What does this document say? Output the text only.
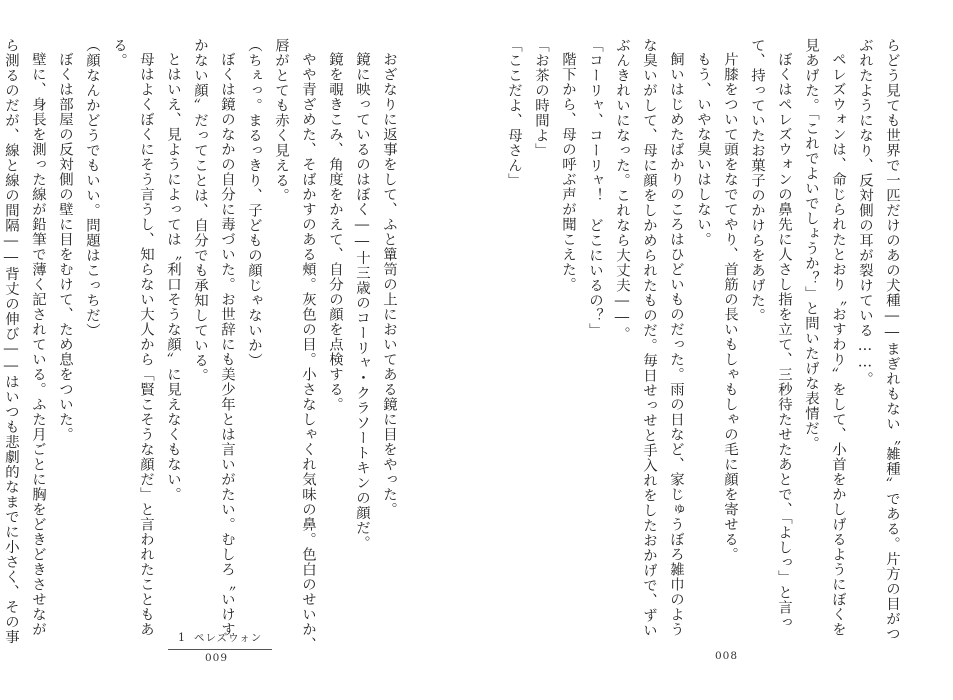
らどう見ても世界で一匹だけのあの犬種――まぎれもない〝雑種〟である。片方の目がつ
ぶれたようになり、反対側の耳が裂けている……。
ペレズウォンは、命じられたとおり〝おすわり〟をして、小首をかしげるようにぼくを
見あげた。「これでよいでしょうか？」と問いたげな表情だ。
ぼくはペレズウォンの鼻先に人さし指を立て、三秒待たせたあとで、「よしっ」と言っ
て、持っていたお菓子のかけらをあげた。
片膝をついて頭をなでてやり、首筋の長いもしゃもしゃの毛に顔を寄せる。
もう、いやな臭いはしない。
飼いはじめたばかりのころはひどいものだった。雨の日など、家じゅうぼろ雑巾のよう
な臭いがして、母に顔をしかめられたものだ。毎日せっせと手入れをしたおかげで、ずい
ぶんきれいになった。これなら大丈夫――。
「コーリャ、コーリャ！　どこにいるの？」
階下から、母の呼ぶ声が聞こえた。
「お茶の時間よ」
「ここだよ、母さん」
008
おざなりに返事をして、ふと簞笥の上においてある鏡に目をやった。
鏡に映っているのはぼく――十三歳のコーリャ・クラソートキンの顔だ。
鏡を覗きこみ、角度をかえて、自分の顔を点検する。
やや青ざめた、そばかすのある頰。灰色の目。小さなしゃくれ気味の鼻。色白のせいか、
唇がとても赤く見える。
（ちぇっ。まるっきり、子どもの顔じゃないか）
ぼくは鏡のなかの自分に毒づいた。お世辞にも美少年とは言いがたい。むしろ〝いけす
かない顔〟だってことは、自分でも承知している。
とはいえ、見ようによっては〝利口そうな顔〟に見えなくもない。
母はよくぼくにそう言うし、知らない大人から「賢こそうな顔だ」と言われたこともあ
る。
（顔なんかどうでもいい。問題はこっちだ）
ぼくは部屋の反対側の壁に目をむけて、ため息をついた。
壁に、身長を測った線が鉛筆で薄く記されている。ふた月ごとに胸をどきどきさせなが
ら測るのだが、線と線の間隔――背丈の伸び――はいつも悲劇的なまでに小さく、その事	1 ペレズウォン
009
